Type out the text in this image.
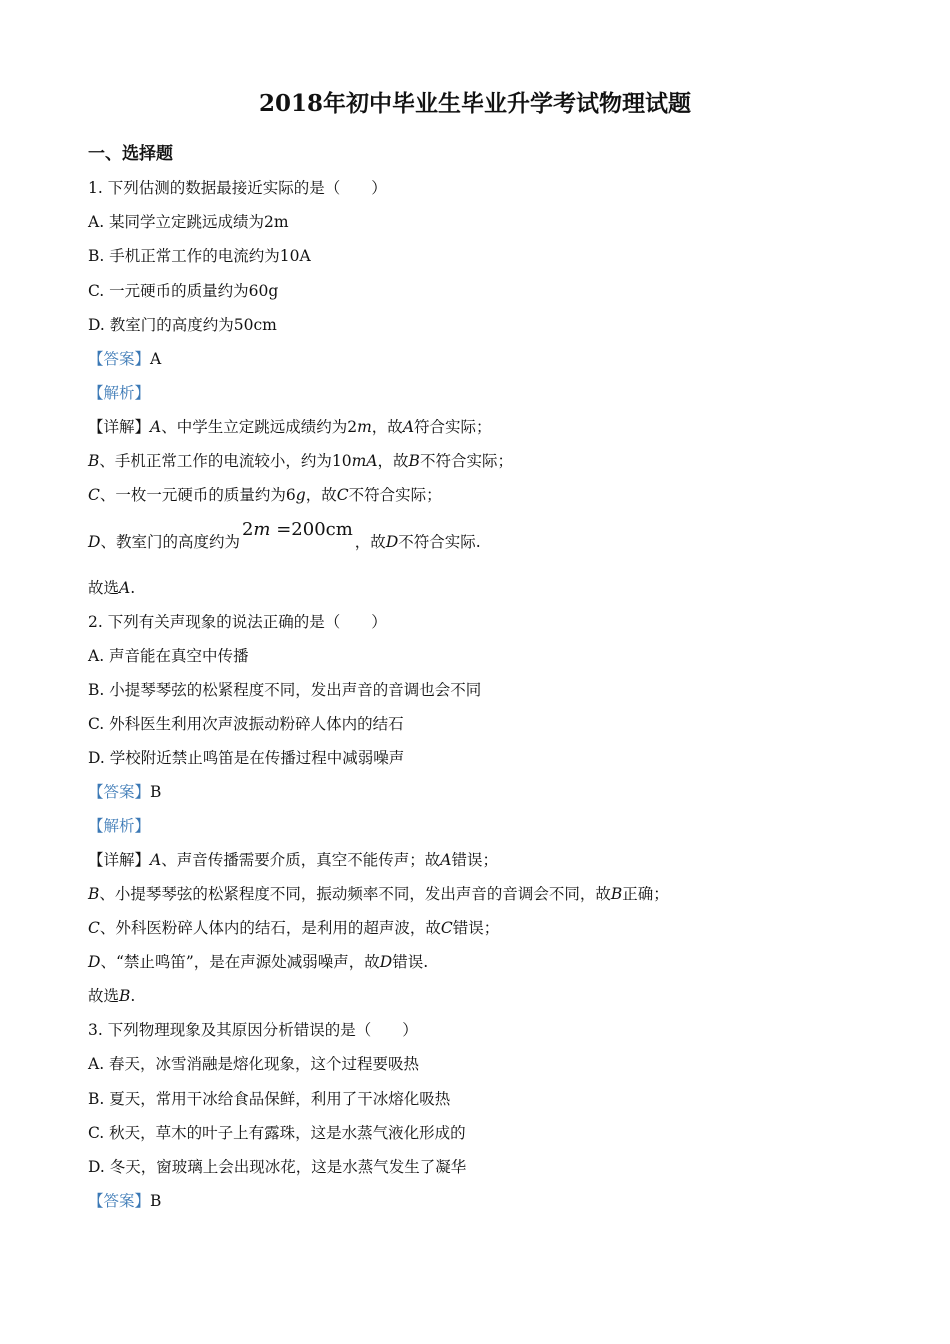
2018年初中毕业生毕业升学考试物理试题
一、选择题
1. 下列估测的数据最接近实际的是（　　）
A. 某同学立定跳远成绩为2m
B. 手机正常工作的电流约为10A
C. 一元硬币的质量约为60g
D. 教室门的高度约为50cm
【答案】A
【解析】
【详解】A、中学生立定跳远成绩约为2m，故A符合实际；
B、手机正常工作的电流较小，约为10mA，故B不符合实际；
C、一枚一元硬币的质量约为6g，故C不符合实际；
D、教室门的高度约为2m =200cm，故D不符合实际.
故选A.
2. 下列有关声现象的说法正确的是（　　）
A. 声音能在真空中传播
B. 小提琴琴弦的松紧程度不同，发出声音的音调也会不同
C. 外科医生利用次声波振动粉碎人体内的结石
D. 学校附近禁止鸣笛是在传播过程中减弱噪声
【答案】B
【解析】
【详解】A、声音传播需要介质，真空不能传声；故A错误；
B、小提琴琴弦的松紧程度不同，振动频率不同，发出声音的音调会不同，故B正确；
C、外科医粉碎人体内的结石，是利用的超声波，故C错误；
D、“禁止鸣笛”，是在声源处减弱噪声，故D错误.
故选B.
3. 下列物理现象及其原因分析错误的是（　　）
A. 春天，冰雪消融是熔化现象，这个过程要吸热
B. 夏天，常用干冰给食品保鲜，利用了干冰熔化吸热
C. 秋天，草木的叶子上有露珠，这是水蒸气液化形成的
D. 冬天，窗玻璃上会出现冰花，这是水蒸气发生了凝华
【答案】B
